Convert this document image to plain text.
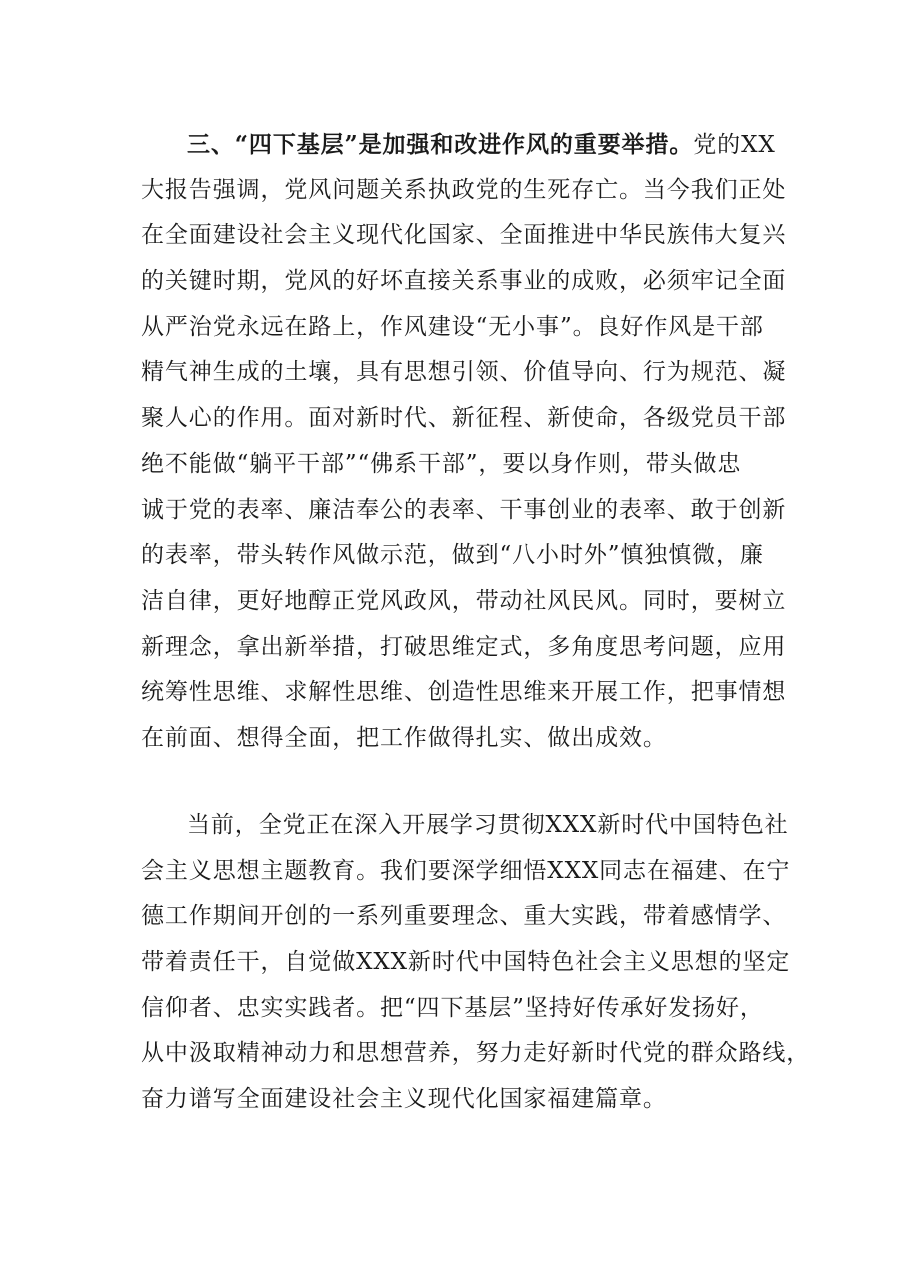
三、“四下基层”是加强和改进作风的重要举措。党的XX
大报告强调，党风问题关系执政党的生死存亡。当今我们正处
在全面建设社会主义现代化国家、全面推进中华民族伟大复兴
的关键时期，党风的好坏直接关系事业的成败，必须牢记全面
从严治党永远在路上，作风建设“无小事”。良好作风是干部
精气神生成的土壤，具有思想引领、价值导向、行为规范、凝
聚人心的作用。面对新时代、新征程、新使命，各级党员干部
绝不能做“躺平干部”“佛系干部”，要以身作则，带头做忠
诚于党的表率、廉洁奉公的表率、干事创业的表率、敢于创新
的表率，带头转作风做示范，做到“八小时外”慎独慎微，廉
洁自律，更好地醇正党风政风，带动社风民风。同时，要树立
新理念，拿出新举措，打破思维定式，多角度思考问题，应用
统筹性思维、求解性思维、创造性思维来开展工作，把事情想
在前面、想得全面，把工作做得扎实、做出成效。
当前，全党正在深入开展学习贯彻XXX新时代中国特色社
会主义思想主题教育。我们要深学细悟XXX同志在福建、在宁
德工作期间开创的一系列重要理念、重大实践，带着感情学、
带着责任干，自觉做XXX新时代中国特色社会主义思想的坚定
信仰者、忠实实践者。把“四下基层”坚持好传承好发扬好，
从中汲取精神动力和思想营养，努力走好新时代党的群众路线，
奋力谱写全面建设社会主义现代化国家福建篇章。
